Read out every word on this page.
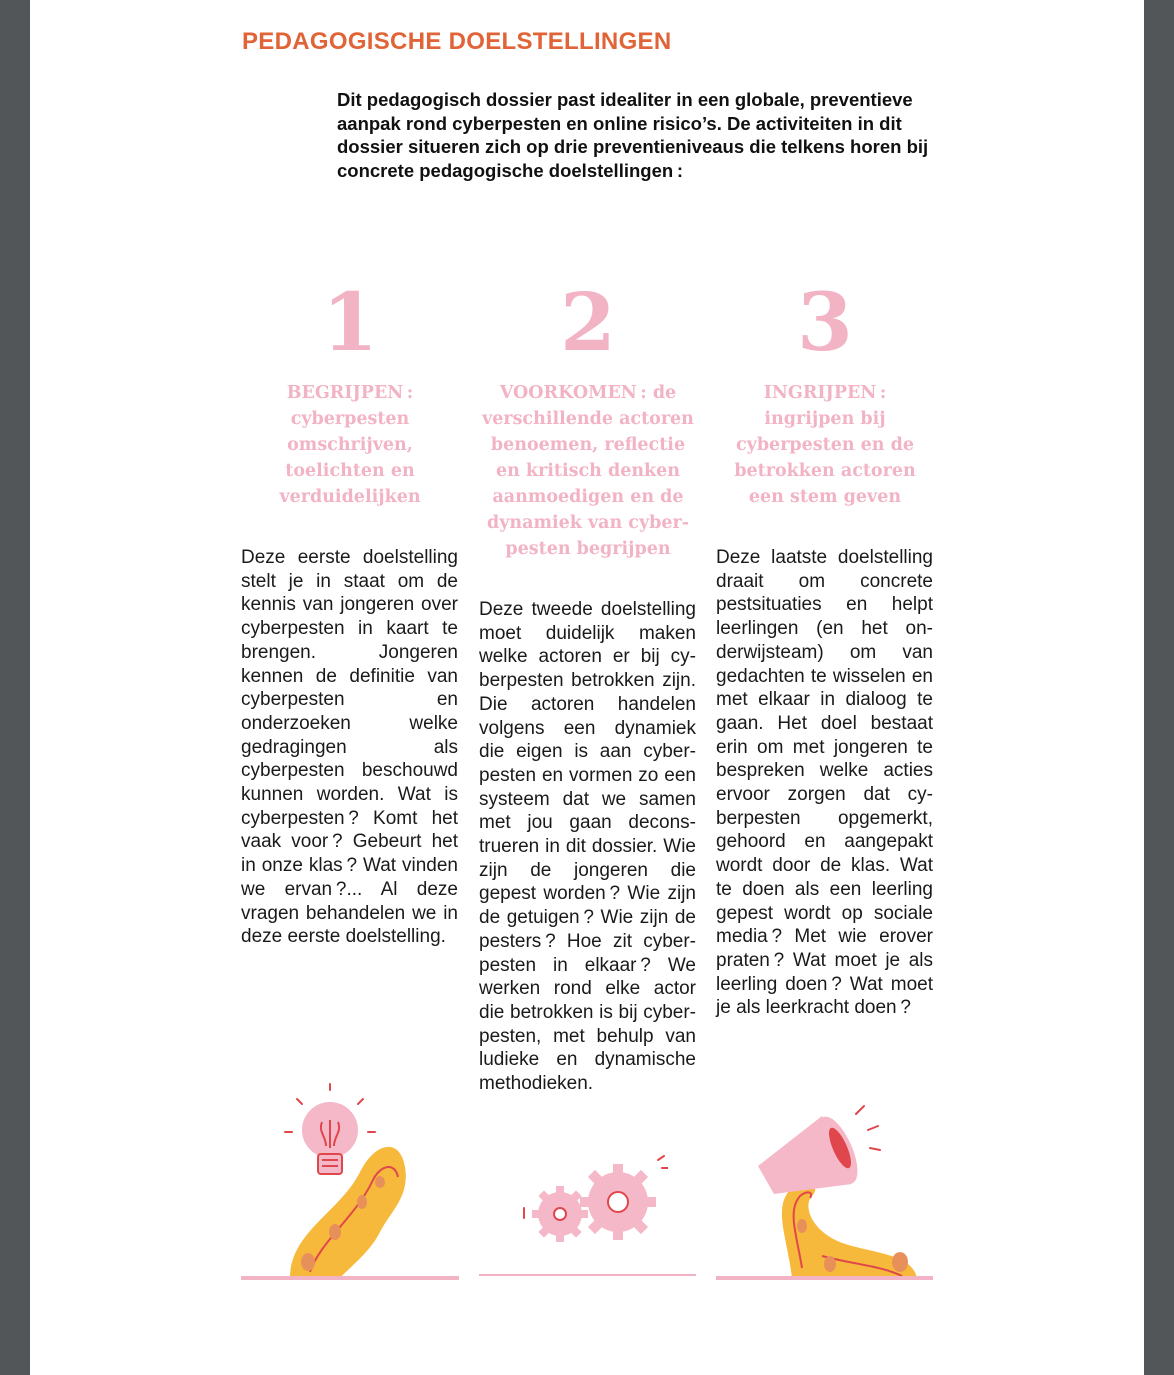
PEDAGOGISCHE DOELSTELLINGEN

Dit pedagogisch dossier past idealiter in een globale, preventieve aanpak rond cyberpesten en online risico’s. De activiteiten in dit dossier situeren zich op drie preventieniveaus die telkens horen bij concrete pedagogische doelstellingen :

1
BEGRIJPEN : cyberpesten omschrijven, toelichten en verduidelijken
Deze eerste doelstelling stelt je in staat om de kennis van jongeren over cyberpesten in kaart te brengen. Jongeren kennen de definitie van cyberpesten en onderzoeken welke gedragingen als cyberpesten beschouwd kunnen worden. Wat is cyberpesten ? Komt het vaak voor ? Gebeurt het in onze klas ? Wat vinden we ervan ?... Al deze vragen behandelen we in deze eerste doelstelling.
2
VOORKOMEN : de verschillende actoren benoemen, reflectie en kritisch denken aanmoedigen en de dynamiek van cyberpesten begrijpen
Deze tweede doelstelling moet duidelijk maken welke actoren er bij cyberpesten betrokken zijn. Die actoren handelen volgens een dynamiek die eigen is aan cyberpesten en vormen zo een systeem dat we samen met jou gaan deconstrueren in dit dossier. Wie zijn de jongeren die gepest worden ? Wie zijn de getuigen ? Wie zijn de pesters ? Hoe zit cyberpesten in elkaar ? We werken rond elke actor die betrokken is bij cyberpesten, met behulp van ludieke en dynamische methodieken.
3
INGRIJPEN : ingrijpen bij cyberpesten en de betrokken actoren een stem geven
Deze laatste doelstelling draait om concrete pestsituaties en helpt leerlingen (en het onderwijsteam) om van gedachten te wisselen en met elkaar in dialoog te gaan. Het doel bestaat erin om met jongeren te bespreken welke acties ervoor zorgen dat cyberpesten opgemerkt, gehoord en aangepakt wordt door de klas. Wat te doen als een leerling gepest wordt op sociale media ? Met wie erover praten ? Wat moet je als leerling doen ? Wat moet je als leerkracht doen ?
